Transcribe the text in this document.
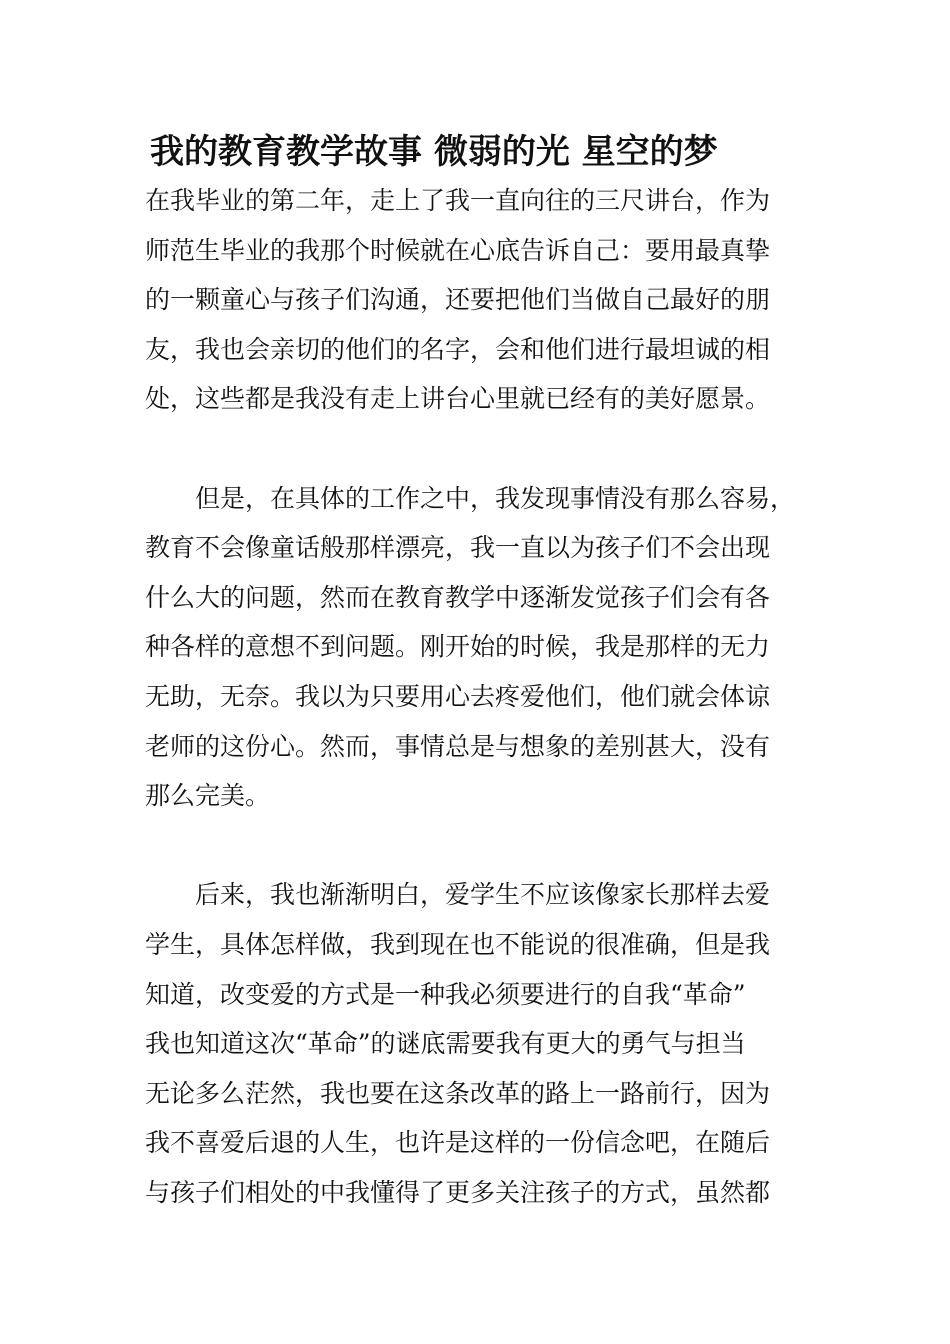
我的教育教学故事 微弱的光 星空的梦
在我毕业的第二年，走上了我一直向往的三尺讲台，作为
师范生毕业的我那个时候就在心底告诉自己：要用最真挚
的一颗童心与孩子们沟通，还要把他们当做自己最好的朋
友，我也会亲切的他们的名字，会和他们进行最坦诚的相
处，这些都是我没有走上讲台心里就已经有的美好愿景。
　　但是，在具体的工作之中，我发现事情没有那么容易，
教育不会像童话般那样漂亮，我一直以为孩子们不会出现
什么大的问题，然而在教育教学中逐渐发觉孩子们会有各
种各样的意想不到问题。刚开始的时候，我是那样的无力
无助，无奈。我以为只要用心去疼爱他们，他们就会体谅
老师的这份心。然而，事情总是与想象的差别甚大，没有
那么完美。
　　后来，我也渐渐明白，爱学生不应该像家长那样去爱
学生，具体怎样做，我到现在也不能说的很准确，但是我
知道，改变爱的方式是一种我必须要进行的自我“革命”
我也知道这次“革命”的谜底需要我有更大的勇气与担当
无论多么茫然，我也要在这条改革的路上一路前行，因为
我不喜爱后退的人生，也许是这样的一份信念吧，在随后
与孩子们相处的中我懂得了更多关注孩子的方式，虽然都
